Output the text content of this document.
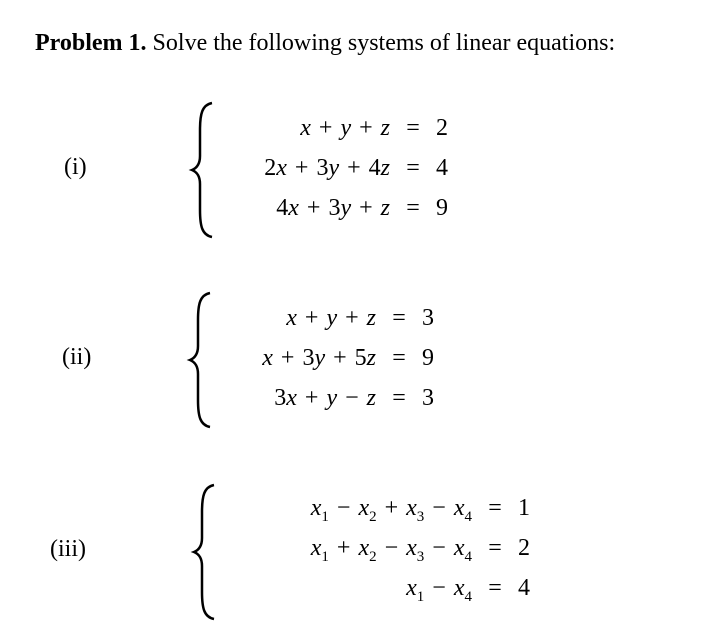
Problem 1. Solve the following systems of linear equations:
(i)
x + y + z	=	2
2x + 3y + 4z	=	4
4x + 3y + z	=	9
(ii)
x + y + z	=	3
x + 3y + 5z	=	9
3x + y − z	=	3
(iii)
$x_1 - x_2 + x_3 - x_4$	=	1
$x_1 + x_2 - x_3 - x_4$	=	2
$x_1 - x_4$	=	4
